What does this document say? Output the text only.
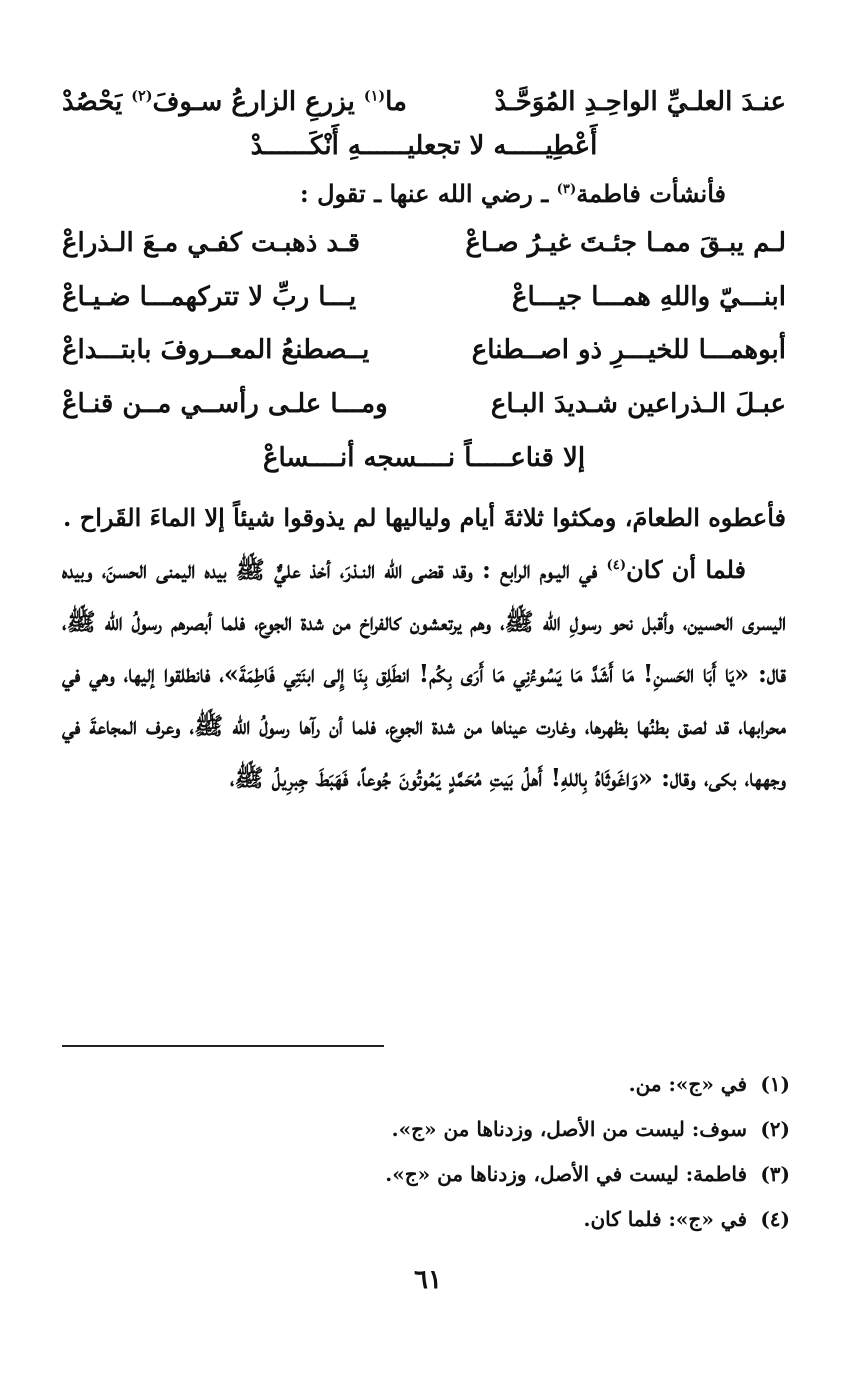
عنـدَ العلـيِّ الواحِـدِ المُوَحَّـدْ
ما$^{(١)}$ يزرعِ الزارعُ سـوفَ$^{(٢)}$ يَحْصُدْ
أَعْطِيـــــه لا تجعليــــــهِ أَنْكَــــــدْ
فأنشأت فاطمة$^{(٣)}$ ـ رضي الله عنها ـ تقول :
لـم يبـقَ ممـا جئـتَ غيـرُ صـاعْ
قـد ذهبـت كفـي مـعَ الـذراعْ
ابنـــيّ واللهِ همـــا جيـــاعْ
يـــا ربِّ لا تتركهمـــا ضـيـاعْ
أبوهمـــا للخيـــرِ ذو اصــطناع
يــصطنعُ المعــروفَ بابتـــداعْ
عبـلَ الـذراعين شـديدَ البـاع
ومـــا علـى رأســي مــن قنـاعْ
إلا قناعـــــاً نــــسجه أنــــساعْ

فأعطوه الطعامَ، ومكثوا ثلاثةَ أيام ولياليها لم يذوقوا شيئاً إلا الماءَ القَراح .

فلما أن كان$^{(٤)}$ في اليـوم الرابع : وقد قضى الله النـذرَ، أخذ عليٌّ ﷺ بيده اليمنى الحسنَ، وبيده اليسرى الحسين، وأقبل نحو رسولِ الله ﷺ، وهم يرتعشون كالفراخ من شدة الجوع، فلما أبصرهم رسولُ الله ﷺ، قال: «يَا أَبَا الحَسنِ! مَا أَشَدَّ مَا يَسُوءُنِي مَا أَرَى بِكُم! انطَلِق بِنَا إِلى ابنَتِي فَاطِمَةَ»، فانطلقوا إليها، وهي في محرابها، قد لصق بطنُها بظهرها، وغارت عيناها من شدة الجوع، فلما أن رآها رسولُ الله ﷺ، وعرف المجاعةَ في وجهها، بكى، وقال: «وَاغَوثَاهُ بِاللهِ! أَهلُ بَيتِ مُحَمَّدٍ يَمُوتُونَ جُوعاً، فَهَبَطَ جِبرِيلُ ﷺ،

(١) في «ج»: من.
(٢) سوف: ليست من الأصل، وزدناها من «ج».
(٣) فاطمة: ليست في الأصل، وزدناها من «ج».
(٤) في «ج»: فلما كان.
٦١
